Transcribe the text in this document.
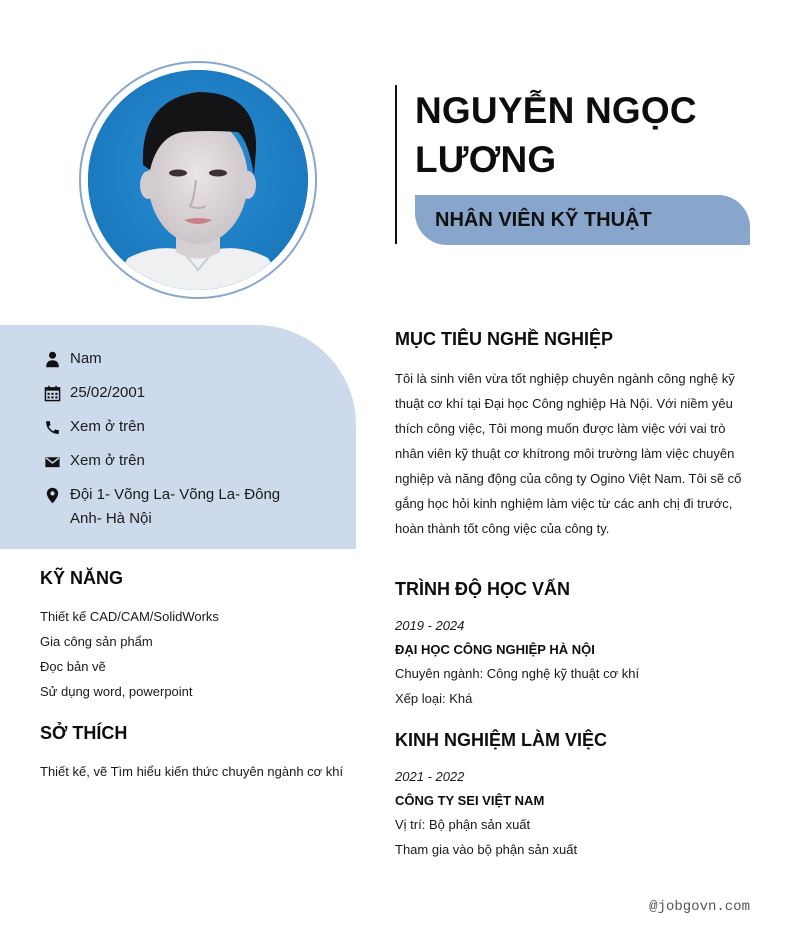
NGUYỄN NGỌC LƯƠNG
NHÂN VIÊN KỸ THUẬT
Nam
25/02/2001
Xem ở trên
Xem ở trên
Đội 1- Võng La- Võng La- Đông Anh- Hà Nội
KỸ NĂNG
Thiết kế CAD/CAM/SolidWorks
Gia công sản phẩm
Đọc bản vẽ
Sử dụng word, powerpoint
SỞ THÍCH
Thiết kế, vẽ Tìm hiểu kiến thức chuyên ngành cơ khí
MỤC TIÊU NGHỀ NGHIỆP

Tôi là sinh viên vừa tốt nghiệp chuyên ngành công nghệ kỹ thuật cơ khí tại Đại học Công nghiệp Hà Nội. Với niềm yêu thích công việc, Tôi mong muốn được làm việc với vai trò nhân viên kỹ thuật cơ khítrong môi trường làm việc chuyên nghiệp và năng động của công ty Ogino Việt Nam. Tôi sẽ cố gắng học hỏi kinh nghiệm làm việc từ các anh chị đi trước, hoàn thành tốt công việc của công ty.

TRÌNH ĐỘ HỌC VẤN
2019 - 2024
ĐẠI HỌC CÔNG NGHIỆP HÀ NỘI
Chuyên ngành: Công nghệ kỹ thuật cơ khí
Xếp loại: Khá
KINH NGHIỆM LÀM VIỆC
2021 - 2022
CÔNG TY SEI VIỆT NAM
Vị trí: Bộ phận sản xuất
Tham gia vào bộ phận sản xuất
@jobgovn.com
